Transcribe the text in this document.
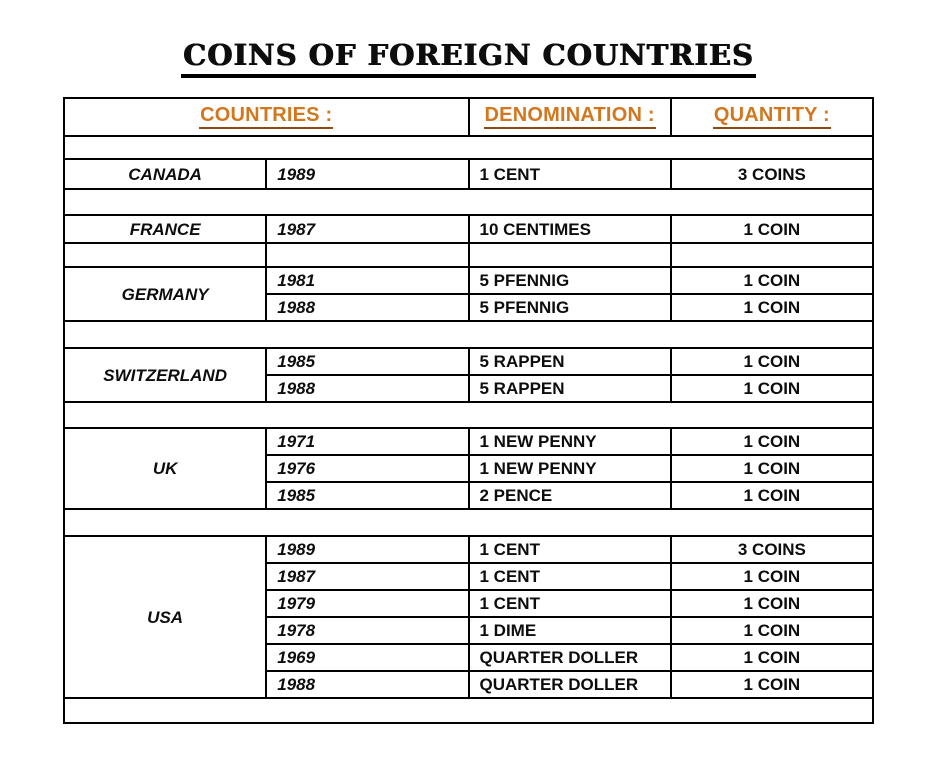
COINS OF FOREIGN COUNTRIES
COUNTRIES :		DENOMINATION :	QUANTITY :

CANADA	1989	1 CENT	3 COINS

FRANCE	1987	10 CENTIMES	1 COIN

GERMANY	1981	5 PFENNIG	1 COIN
	1988	5 PFENNIG	1 COIN

SWITZERLAND	1985	5 RAPPEN	1 COIN
	1988	5 RAPPEN	1 COIN

UK	1971	1 NEW PENNY	1 COIN
	1976	1 NEW PENNY	1 COIN
	1985	2 PENCE	1 COIN

USA	1989	1 CENT	3 COINS
	1987	1 CENT	1 COIN
	1979	1 CENT	1 COIN
	1978	1 DIME	1 COIN
	1969	QUARTER DOLLER	1 COIN
	1988	QUARTER DOLLER	1 COIN
